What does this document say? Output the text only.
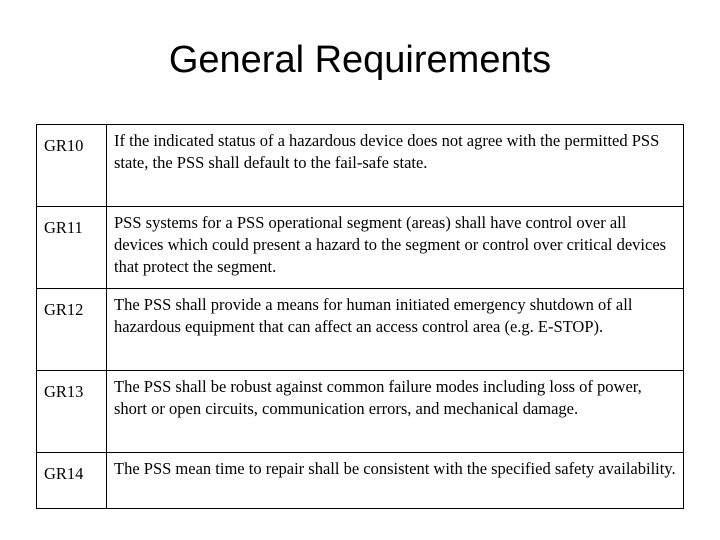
General Requirements
GR10	If the indicated status of a hazardous device does not agree with the permitted PSS state, the PSS shall default to the fail-safe state.
GR11	PSS systems for a PSS operational segment (areas) shall have control over all devices which could present a hazard to the segment or control over critical devices that protect the segment.
GR12	The PSS shall provide a means for human initiated emergency shutdown of all hazardous equipment that can affect an access control area (e.g. E-STOP).
GR13	The PSS shall be robust against common failure modes including loss of power, short or open circuits, communication errors, and mechanical damage.
GR14	The PSS mean time to repair shall be consistent with the specified safety availability.
